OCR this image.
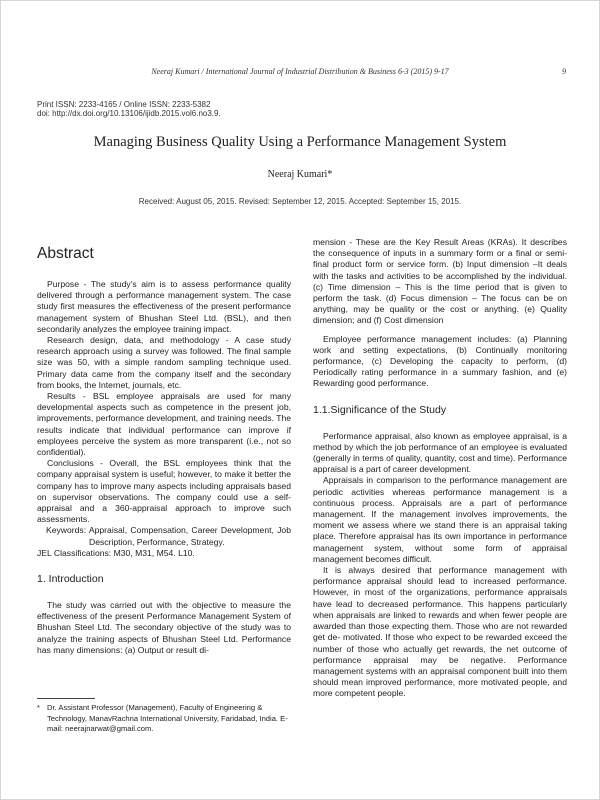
Neeraj Kumari / International Journal of Industrial Distribution & Business 6-3 (2015) 9-17	9
Print ISSN: 2233-4165 / Online ISSN: 2233-5382
doi: http://dx.doi.org/10.13106/ijidb.2015.vol6.no3.9.
Managing Business Quality Using a Performance Management System
Neeraj Kumari*
Received: August 05, 2015. Revised: September 12, 2015. Accepted: September 15, 2015.
Abstract

Purpose - The study’s aim is to assess performance quality delivered through a performance management system. The case study first measures the effectiveness of the present performance management system of Bhushan Steel Ltd. (BSL), and then secondarily analyzes the employee training impact.

Research design, data, and methodology - A case study research approach using a survey was followed. The final sample size was 50, with a simple random sampling technique used. Primary data came from the company itself and the secondary from books, the Internet, journals, etc.

Results - BSL employee appraisals are used for many developmental aspects such as competence in the present job, improvements, performance development, and training needs. The results indicate that individual performance can improve if employees perceive the system as more transparent (i.e., not so confidential).

Conclusions - Overall, the BSL employees think that the company appraisal system is useful; however, to make it better the company has to improve many aspects including appraisals based on supervisor observations. The company could use a self-appraisal and a 360-appraisal approach to improve such assessments.

Keywords: Appraisal, Compensation, Career Development, Job Description, Performance, Strategy.

JEL Classifications: M30, M31, M54. L10.

1. Introduction

The study was carried out with the objective to measure the effectiveness of the present Performance Management System of Bhushan Steel Ltd. The secondary objective of the study was to analyze the training aspects of Bhushan Steel Ltd. Performance has many dimensions: (a) Output or result di-

mension - These are the Key Result Areas (KRAs). It describes the consequence of inputs in a summary form or a final or semi-final product form or service form. (b) Input dimension –It deals with the tasks and activities to be accomplished by the individual. (c) Time dimension – This is the time period that is given to perform the task. (d) Focus dimension – The focus can be on anything, may be quality or the cost or anything. (e) Quality dimension; and (f) Cost dimension

Employee performance management includes: (a) Planning work and setting expectations, (b) Continually monitoring performance, (c) Developing the capacity to perform, (d) Periodically rating performance in a summary fashion, and (e) Rewarding good performance.

1.1.Significance of the Study

Performance appraisal, also known as employee appraisal, is a method by which the job performance of an employee is evaluated (generally in terms of quality, quantity, cost and time). Performance appraisal is a part of career development.

Appraisals in comparison to the performance management are periodic activities whereas performance management is a continuous process. Appraisals are a part of performance management. If the management involves improvements, the moment we assess where we stand there is an appraisal taking place. Therefore appraisal has its own importance in performance management system, without some form of appraisal management becomes difficult.

It is always desired that performance management with performance appraisal should lead to increased performance. However, in most of the organizations, performance appraisals have lead to decreased performance. This happens particularly when appraisals are linked to rewards and when fewer people are awarded than those expecting them. Those who are not rewarded get de- motivated. If those who expect to be rewarded exceed the number of those who actually get rewards, the net outcome of performance appraisal may be negative. Performance management systems with an appraisal component built into them should mean improved performance, more motivated people, and more competent people.

* Dr. Assistant Professor (Management), Faculty of Engineering & Technology, ManavRachna International University, Faridabad, India. E-mail: neerajnarwat@gmail.com.
